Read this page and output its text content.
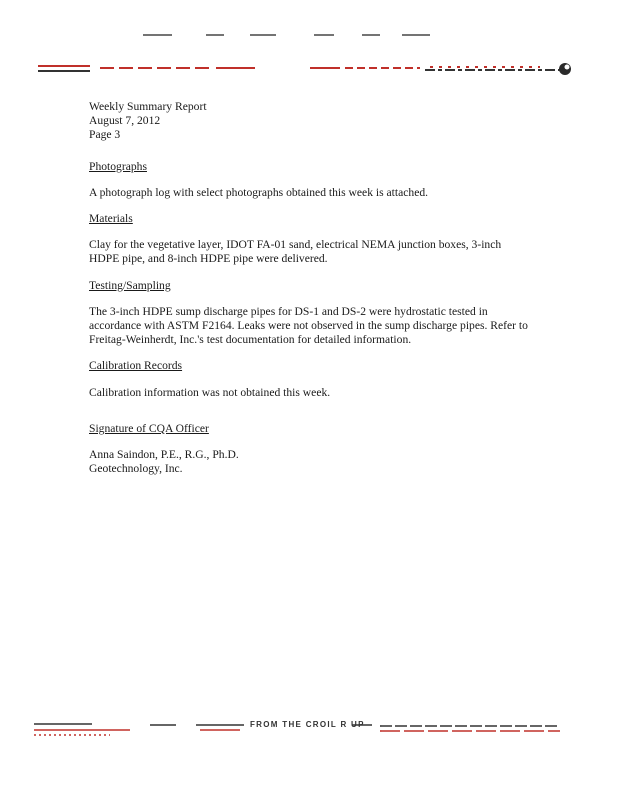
Weekly Summary Report
August 7, 2012
Page 3
Photographs
A photograph log with select photographs obtained this week is attached.
Materials
Clay for the vegetative layer, IDOT FA-01 sand, electrical NEMA junction boxes, 3-inch HDPE pipe, and 8-inch HDPE pipe were delivered.
Testing/Sampling
The 3-inch HDPE sump discharge pipes for DS-1 and DS-2 were hydrostatic tested in accordance with ASTM F2164. Leaks were not observed in the sump discharge pipes. Refer to Freitag-Weinherdt, Inc.'s test documentation for detailed information.
Calibration Records
Calibration information was not obtained this week.
Signature of CQA Officer
Anna Saindon, P.E., R.G., Ph.D.
Geotechnology, Inc.
FROM THE CROIL R UP
